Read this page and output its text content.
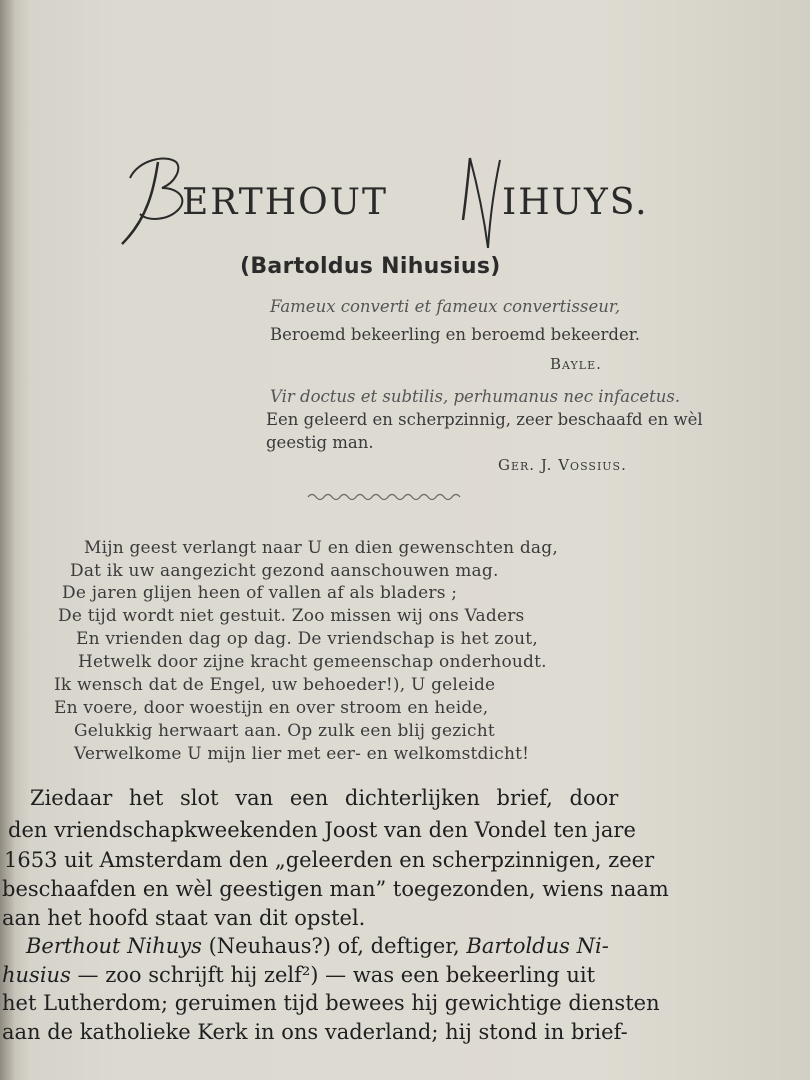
ERTHOUT	IHUYS.
(Bartoldus Nihusius)
Fameux converti et fameux convertisseur,
Beroemd bekeerling en beroemd bekeerder.
Bayle.
Vir doctus et subtilis, perhumanus nec infacetus.
Een geleerd en scherpzinnig, zeer beschaafd en wèl
geestig man.
Ger. J. Vossius.
Mijn geest verlangt naar U en dien gewenschten dag,
Dat ik uw aangezicht gezond aanschouwen mag.
De jaren glijen heen of vallen af als bladers ;
De tijd wordt niet gestuit. Zoo missen wij ons Vaders
En vrienden dag op dag. De vriendschap is het zout,
Hetwelk door zijne kracht gemeenschap onderhoudt.
Ik wensch dat de Engel, uw behoeder!), U geleide
En voere, door woestijn en over stroom en heide,
Gelukkig herwaart aan. Op zulk een blij gezicht
Verwelkome U mijn lier met eer- en welkomstdicht!
Ziedaar het slot van een dichterlijken brief, door
den vriendschapkweekenden Joost van den Vondel ten jare
1653 uit Amsterdam den „geleerden en scherpzinnigen, zeer
beschaafden en wèl geestigen man” toegezonden, wiens naam
aan het hoofd staat van dit opstel.
Berthout Nihuys (Neuhaus?) of, deftiger, Bartoldus Ni-
husius — zoo schrijft hij zelf²) — was een bekeerling uit
het Lutherdom; geruimen tijd bewees hij gewichtige diensten
aan de katholieke Kerk in ons vaderland; hij stond in brief-
